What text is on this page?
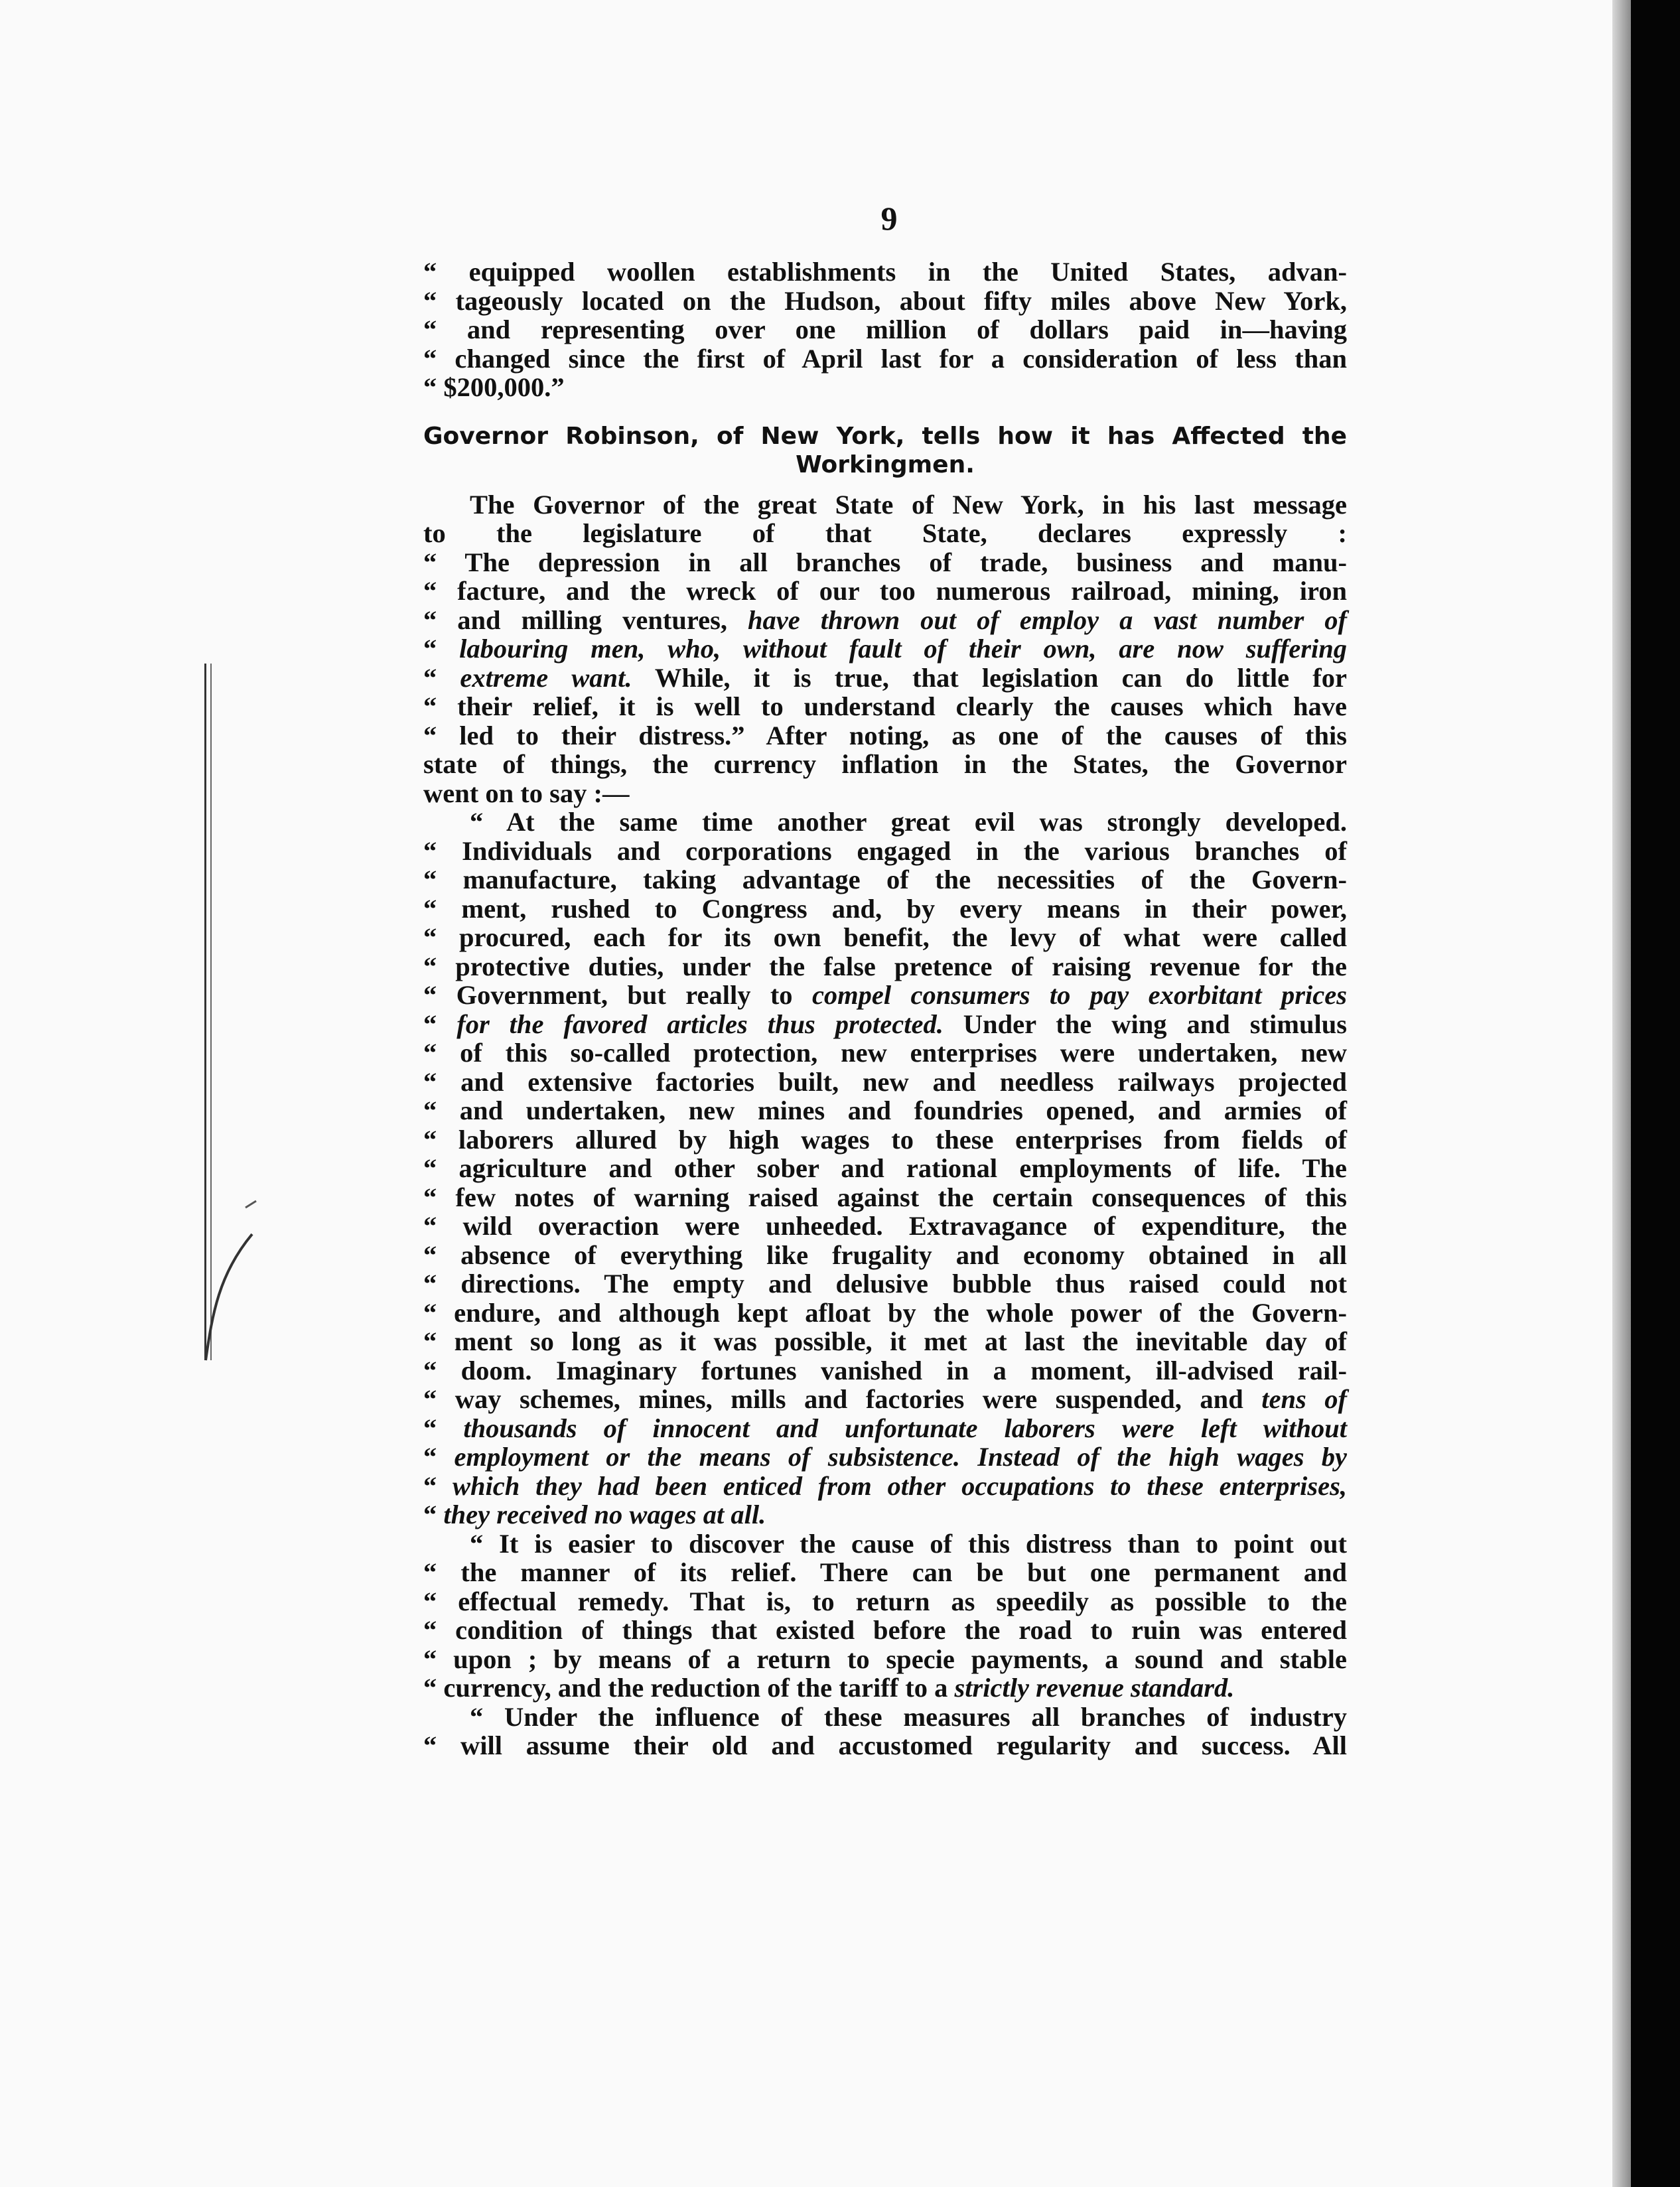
9
“ equipped woollen establishments in the United States, advan-
“ tageously located on the Hudson, about fifty miles above New York,
“ and representing over one million of dollars paid in—having
“ changed since the first of April last for a consideration of less than
“ $200,000.”
Governor Robinson, of New York, tells how it has Affected the
Workingmen.
The Governor of the great State of New York, in his last message
to the legislature of that State, declares expressly :
“ The depression in all branches of trade, business and manu-
“ facture, and the wreck of our too numerous railroad, mining, iron
“ and milling ventures, have thrown out of employ a vast number of
“ labouring men, who, without fault of their own, are now suffering
“ extreme want. While, it is true, that legislation can do little for
“ their relief, it is well to understand clearly the causes which have
“ led to their distress.” After noting, as one of the causes of this
state of things, the currency inflation in the States, the Governor
went on to say :—
“ At the same time another great evil was strongly developed.
“ Individuals and corporations engaged in the various branches of
“ manufacture, taking advantage of the necessities of the Govern-
“ ment, rushed to Congress and, by every means in their power,
“ procured, each for its own benefit, the levy of what were called
“ protective duties, under the false pretence of raising revenue for the
“ Government, but really to compel consumers to pay exorbitant prices
“ for the favored articles thus protected. Under the wing and stimulus
“ of this so-called protection, new enterprises were undertaken, new
“ and extensive factories built, new and needless railways projected
“ and undertaken, new mines and foundries opened, and armies of
“ laborers allured by high wages to these enterprises from fields of
“ agriculture and other sober and rational employments of life. The
“ few notes of warning raised against the certain consequences of this
“ wild overaction were unheeded. Extravagance of expenditure, the
“ absence of everything like frugality and economy obtained in all
“ directions. The empty and delusive bubble thus raised could not
“ endure, and although kept afloat by the whole power of the Govern-
“ ment so long as it was possible, it met at last the inevitable day of
“ doom. Imaginary fortunes vanished in a moment, ill-advised rail-
“ way schemes, mines, mills and factories were suspended, and tens of
“ thousands of innocent and unfortunate laborers were left without
“ employment or the means of subsistence. Instead of the high wages by
“ which they had been enticed from other occupations to these enterprises,
“ they received no wages at all.
“ It is easier to discover the cause of this distress than to point out
“ the manner of its relief. There can be but one permanent and
“ effectual remedy. That is, to return as speedily as possible to the
“ condition of things that existed before the road to ruin was entered
“ upon ; by means of a return to specie payments, a sound and stable
“ currency, and the reduction of the tariff to a strictly revenue standard.
“ Under the influence of these measures all branches of industry
“ will assume their old and accustomed regularity and success. All
